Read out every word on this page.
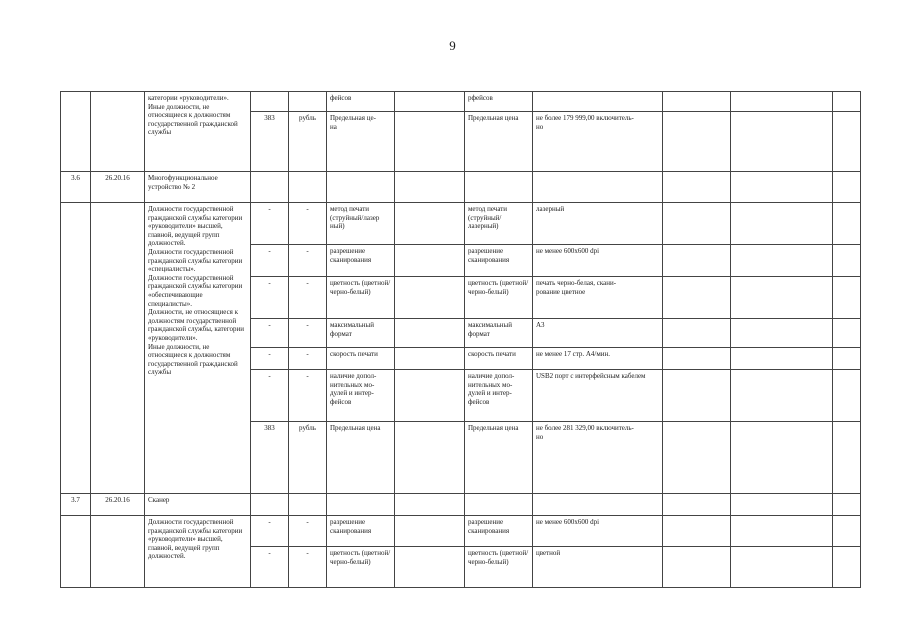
9
		категории «руководители».
Иные должности, не относящиеся к должностям государственной гражданской службы			фейсов		рфейсов				
			383	рубль	Предельная це-
на		Предельная цена	не более 179 999,00 включитель-
но			
3.6	26.20.16	Многофункциональное устройство № 2									
		Должности государственной гражданской службы категории «руководители» высшей, главной, ведущей групп должностей.
Должности государственной гражданской службы категории «специалисты».
Должности государственной гражданской службы категории «обеспечивающие специалисты».
Должности, не относящиеся к должностям государственной гражданской службы, категории «руководители».
Иные должности, не относящиеся к должностям государственной гражданской службы	-	-	метод печати (струйный/лазер ный)		метод печати (струйный/
лазерный)	лазерный			
			-	-	разрешение сканирования		разрешение сканирования	не менее 600x600 dpi			
			-	-	цветность (цветной/
черно-белый)		цветность (цветной/
черно-белый)	печать черно-белая, скани-
рование цветное			
			-	-	максимальный формат		максимальный формат	А3			
			-	-	скорость печати		скорость печати	не менее 17 стр. А4/мин.			
			-	-	наличие допол-
нительных мо-
дулей и интер-
фейсов		наличие допол-
нительных мо-
дулей и интер-
фейсов	USB2 порт с интерфейсным кабелем			
			383	рубль	Предельная цена		Предельная цена	не более 281 329,00 включитель-
но			
3.7	26.20.16	Сканер									
		Должности государственной гражданской службы категории «руководители» высшей, главной, ведущей групп должностей.	-	-	разрешение сканирования		разрешение сканирования	не менее 600x600 dpi			
			-	-	цветность (цветной/
черно-белый)		цветность (цветной/
черно-белый)	цветной			
